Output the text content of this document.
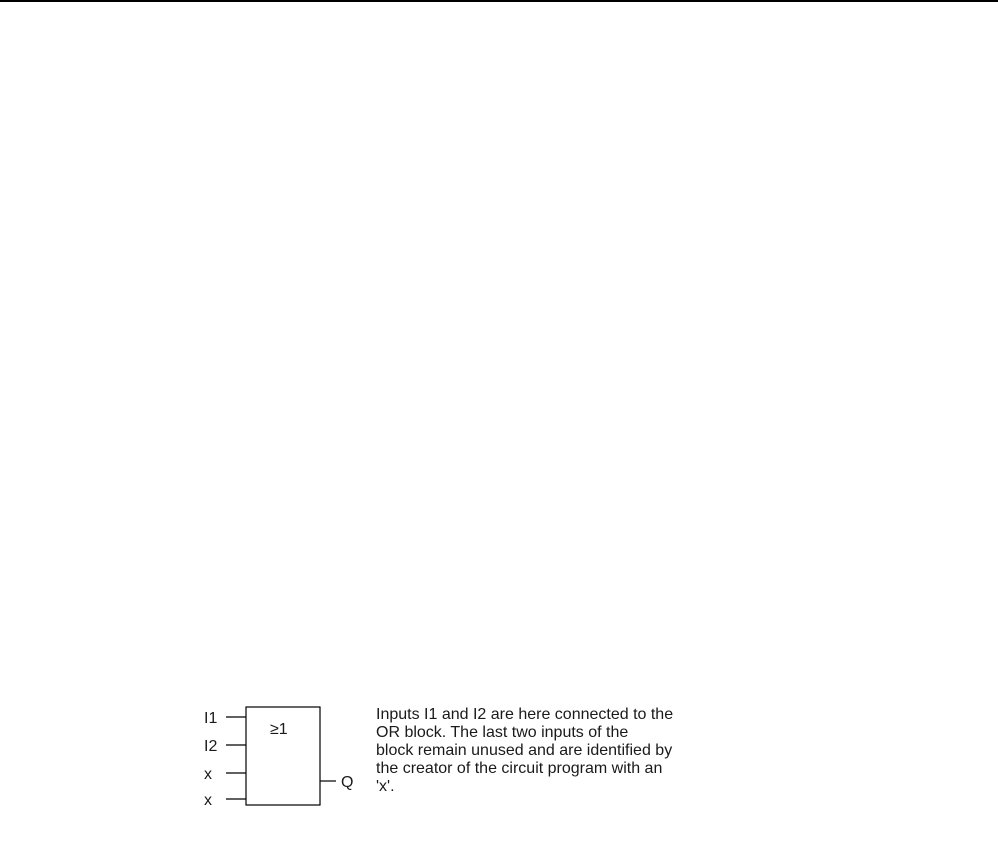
I1
I2
x
x
≥1
Q
Inputs I1 and I2 are here connected to the
OR block. The last two inputs of the
block remain unused and are identified by
the creator of the circuit program with an
'x'.
